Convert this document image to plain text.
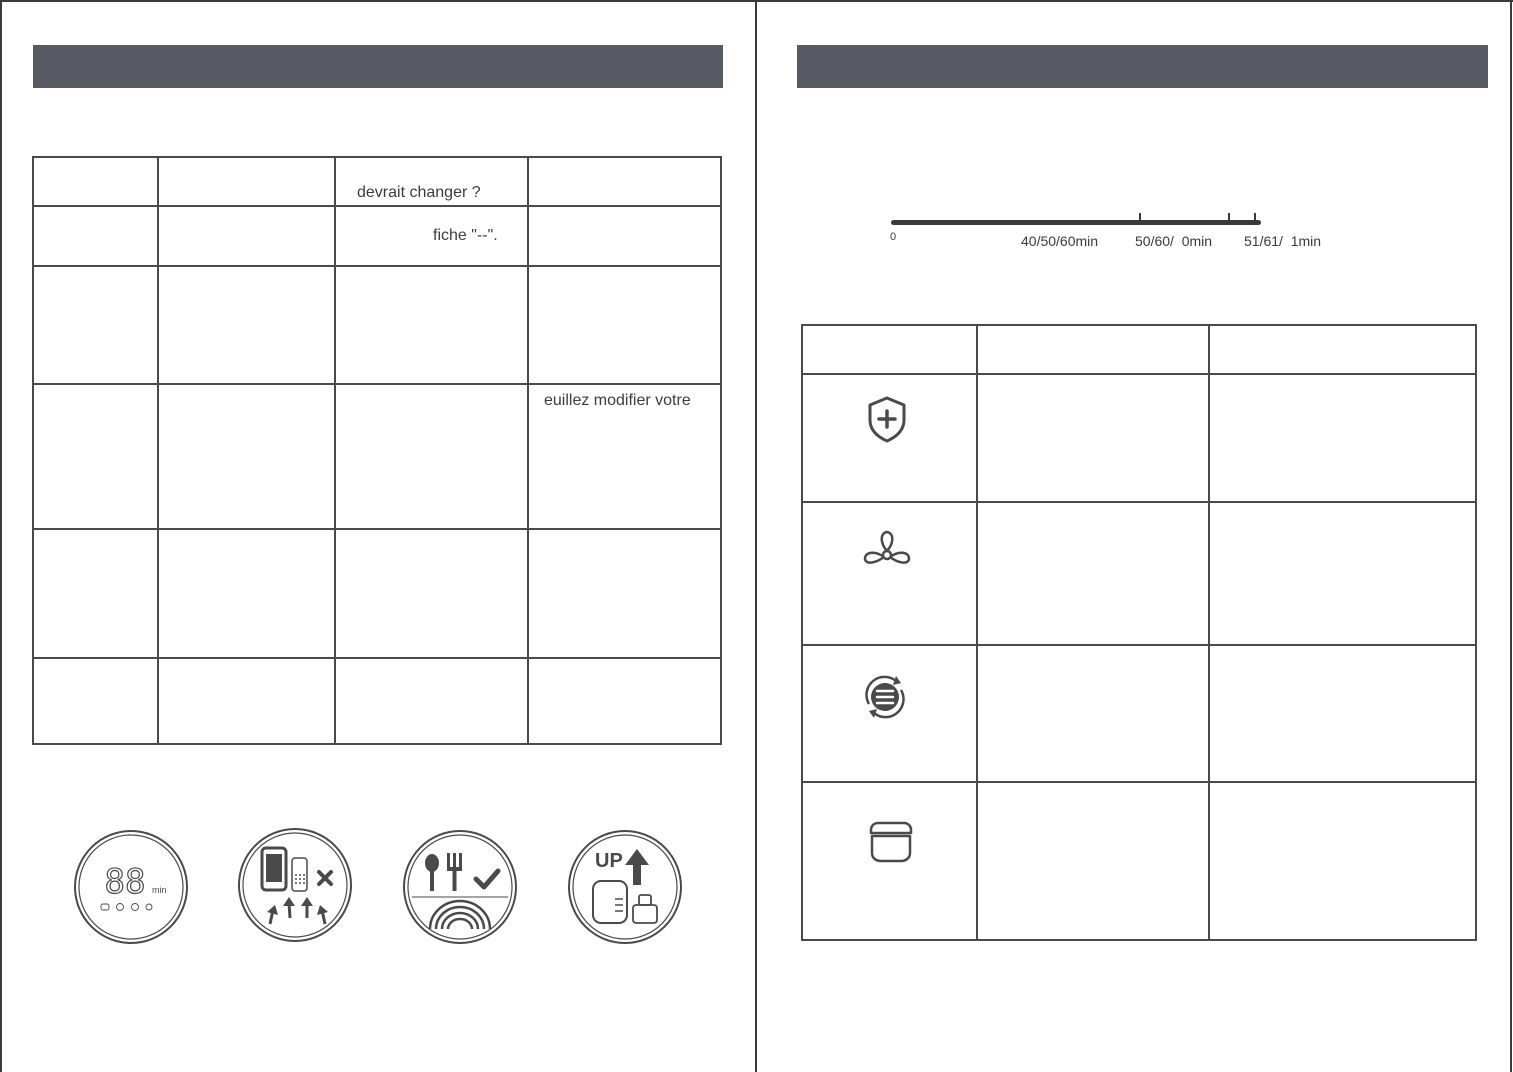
		devrait changer ?	

		fiche "--".	

			euillez modifier votre

88 min
UP
0	40/50/60min	50/60/  0min 51/61/  1min
